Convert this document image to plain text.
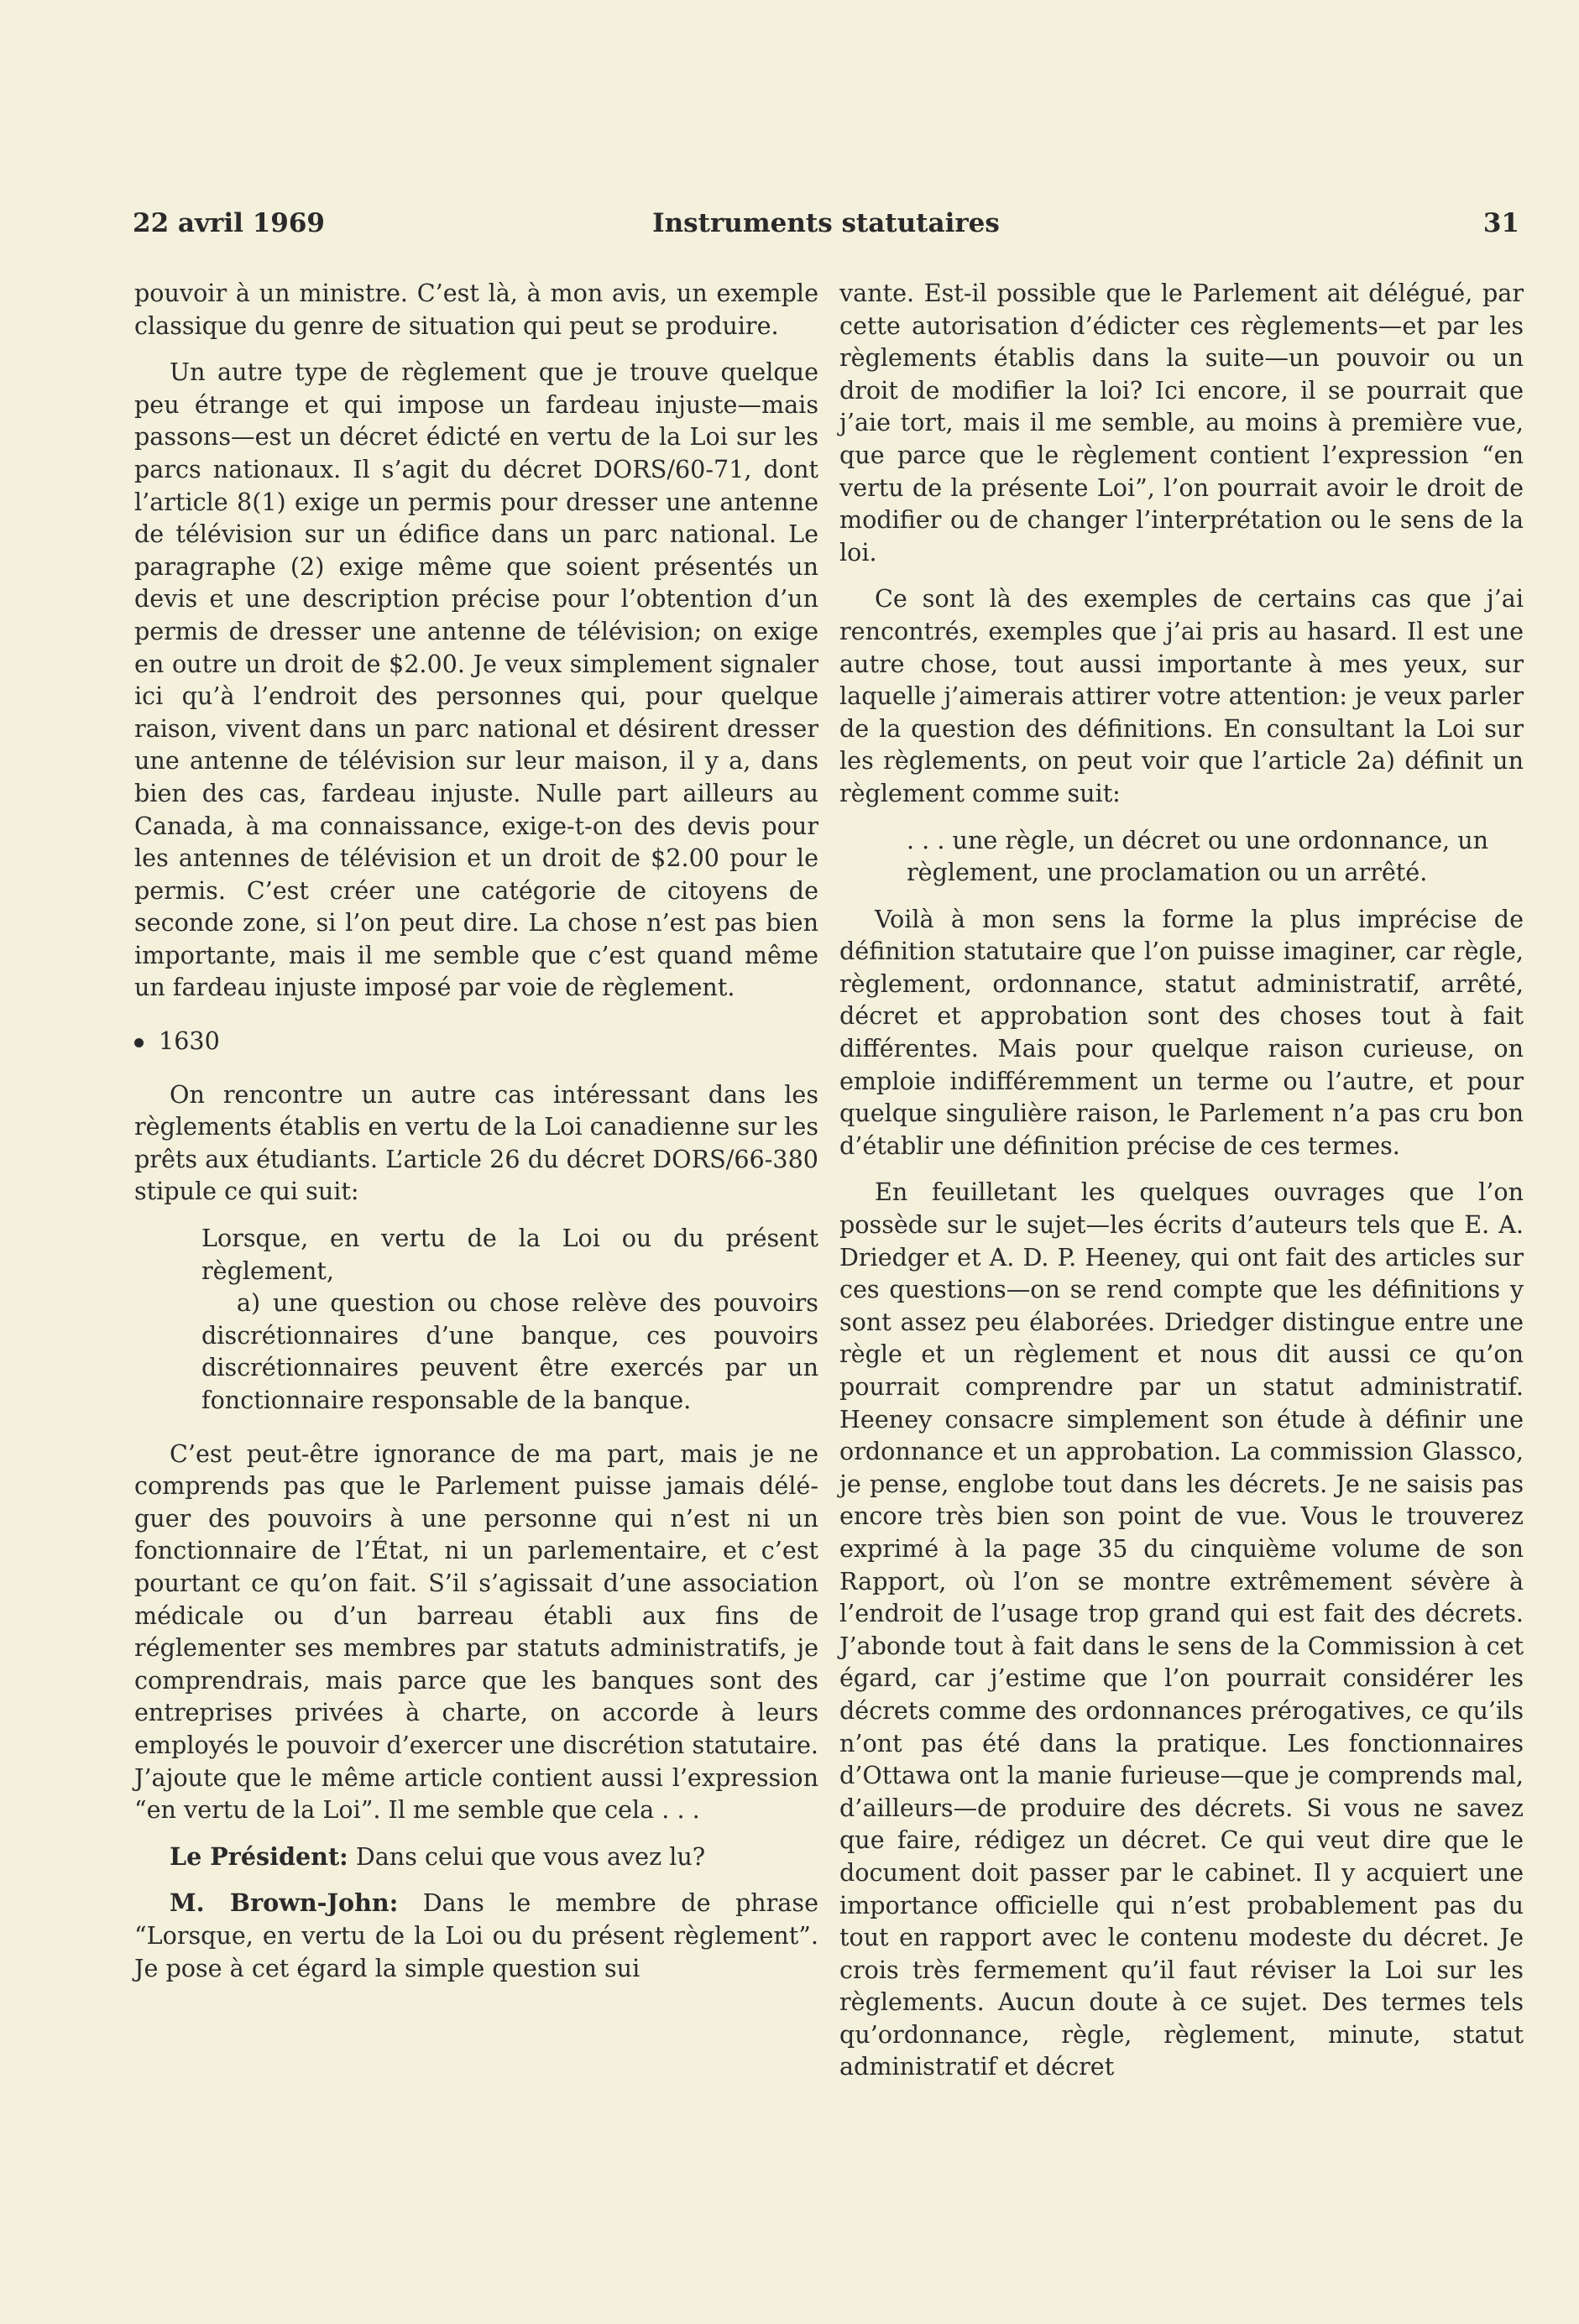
22 avril 1969	Instruments statutaires	31

pouvoir à un ministre. C’est là, à mon avis, un exemple classique du genre de situation qui peut se produire.

Un autre type de règlement que je trouve quelque peu étrange et qui impose un fardeau injuste—mais passons—est un décret édicté en vertu de la Loi sur les parcs nationaux. Il s’agit du décret DORS/60-71, dont l’article 8(1) exige un permis pour dresser une antenne de télévision sur un édifice dans un parc national. Le paragraphe (2) exige même que soient présentés un devis et une description précise pour l’obtention d’un permis de dresser une antenne de télévision; on exige en outre un droit de $2.00. Je veux simplement signaler ici qu’à l’endroit des personnes qui, pour quelque raison, vivent dans un parc national et désirent dresser une antenne de télévision sur leur maison, il y a, dans bien des cas, fardeau injuste. Nulle part ailleurs au Canada, à ma connaissance, exige-t-on des devis pour les antennes de télévision et un droit de $2.00 pour le permis. C’est créer une catégorie de citoyens de seconde zone, si l’on peut dire. La chose n’est pas bien importante, mais il me semble que c’est quand même un fardeau injuste imposé par voie de règlement.

1630

On rencontre un autre cas intéressant dans les règlements établis en vertu de la Loi canadienne sur les prêts aux étudiants. L’article 26 du décret DORS/66-380 stipule ce qui suit:

Lorsque, en vertu de la Loi ou du présent règlement,

a) une question ou chose relève des pouvoirs discrétionnaires d’une banque, ces pouvoirs discrétionnaires peuvent être exercés par un fonctionnaire responsable de la banque.

C’est peut-être ignorance de ma part, mais je ne comprends pas que le Parlement puisse jamais déléguer des pouvoirs à une personne qui n’est ni un fonctionnaire de l’État, ni un parlementaire, et c’est pourtant ce qu’on fait. S’il s’agissait d’une association médicale ou d’un barreau établi aux fins de réglementer ses membres par statuts administratifs, je comprendrais, mais parce que les banques sont des entreprises privées à charte, on accorde à leurs employés le pouvoir d’exercer une discrétion statutaire. J’ajoute que le même article contient aussi l’expression “en vertu de la Loi”. Il me semble que cela . . .

Le Président: Dans celui que vous avez lu?

M. Brown-John: Dans le membre de phrase “Lorsque, en vertu de la Loi ou du présent règlement”. Je pose à cet égard la simple question sui

vante. Est-il possible que le Parlement ait délégué, par cette autorisation d’édicter ces règlements—et par les règlements établis dans la suite—un pouvoir ou un droit de modifier la loi? Ici encore, il se pourrait que j’aie tort, mais il me semble, au moins à première vue, que parce que le règlement contient l’expression “en vertu de la présente Loi”, l’on pourrait avoir le droit de modifier ou de changer l’interprétation ou le sens de la loi.

Ce sont là des exemples de certains cas que j’ai rencontrés, exemples que j’ai pris au hasard. Il est une autre chose, tout aussi importante à mes yeux, sur laquelle j’aimerais attirer votre attention: je veux parler de la question des définitions. En consultant la Loi sur les règlements, on peut voir que l’article 2a) définit un règlement comme suit:

. . . une règle, un décret ou une ordonnance, un règlement, une proclamation ou un arrêté.

Voilà à mon sens la forme la plus imprécise de définition statutaire que l’on puisse imaginer, car règle, règlement, ordonnance, statut administratif, arrêté, décret et approbation sont des choses tout à fait différentes. Mais pour quelque raison curieuse, on emploie indifféremment un terme ou l’autre, et pour quelque singulière raison, le Parlement n’a pas cru bon d’établir une définition précise de ces termes.

En feuilletant les quelques ouvrages que l’on possède sur le sujet—les écrits d’auteurs tels que E. A. Driedger et A. D. P. Heeney, qui ont fait des articles sur ces questions—on se rend compte que les définitions y sont assez peu élaborées. Driedger distingue entre une règle et un règlement et nous dit aussi ce qu’on pourrait comprendre par un statut administratif. Heeney consacre simplement son étude à définir une ordonnance et un approbation. La commission Glassco, je pense, englobe tout dans les décrets. Je ne saisis pas encore très bien son point de vue. Vous le trouverez exprimé à la page 35 du cinquième volume de son Rapport, où l’on se montre extrêmement sévère à l’endroit de l’usage trop grand qui est fait des décrets. J’abonde tout à fait dans le sens de la Commission à cet égard, car j’estime que l’on pourrait considérer les décrets comme des ordonnances prérogatives, ce qu’ils n’ont pas été dans la pratique. Les fonctionnaires d’Ottawa ont la manie furieuse—que je comprends mal, d’ailleurs—de produire des décrets. Si vous ne savez que faire, rédigez un décret. Ce qui veut dire que le document doit passer par le cabinet. Il y acquiert une importance officielle qui n’est probablement pas du tout en rapport avec le contenu modeste du décret. Je crois très fermement qu’il faut réviser la Loi sur les règlements. Aucun doute à ce sujet. Des termes tels qu’ordonnance, règle, règlement, minute, statut administratif et décret
